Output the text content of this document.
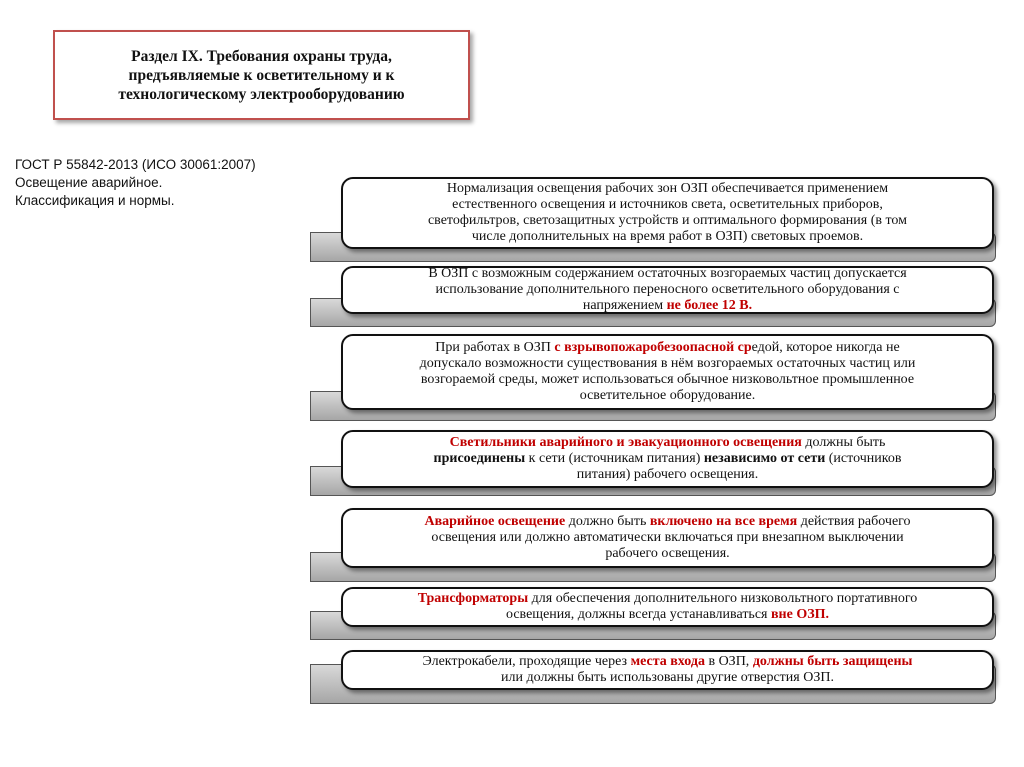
Раздел IX. Требования охраны труда,
предъявляемые к осветительному и к
технологическому электрооборудованию
ГОСТ Р 55842-2013 (ИСО 30061:2007)
Освещение аварийное.
Классификация и нормы.
Нормализация освещения рабочих зон ОЗП обеспечивается применением
естественного освещения и источников света, осветительных приборов,
светофильтров, светозащитных устройств и оптимального формирования (в том
числе дополнительных на время работ в ОЗП) световых проемов.
В ОЗП с возможным содержанием остаточных возгораемых частиц допускается
использование дополнительного переносного осветительного оборудования с
напряжением не более 12 В.
При работах в ОЗП с взрывопожаробезоопасной средой, которое никогда не
допускало возможности существования в нём возгораемых остаточных частиц или
возгораемой среды, может использоваться обычное низковольтное промышленное
осветительное оборудование.
Светильники аварийного и эвакуационного освещения должны быть
присоединены к сети (источникам питания) независимо от сети (источников
питания) рабочего освещения.
Аварийное освещение должно быть включено на все время действия рабочего
освещения или должно автоматически включаться при внезапном выключении
рабочего освещения.
Трансформаторы для обеспечения дополнительного низковольтного портативного
освещения, должны всегда устанавливаться вне ОЗП.
Электрокабели, проходящие через места входа в ОЗП, должны быть защищены
или должны быть использованы другие отверстия ОЗП.
